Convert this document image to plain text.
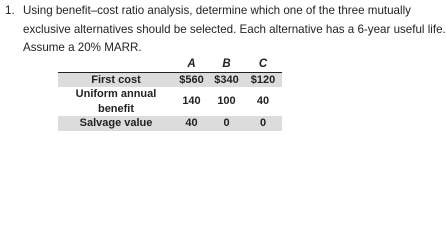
1. Using benefit–cost ratio analysis, determine which one of the three mutually
exclusive alternatives should be selected. Each alternative has a 6-year useful life.
Assume a 20% MARR.
	A	B	C
First cost	$560	$340	$120
Uniform annual benefit	140	100	40
Salvage value	40	0	0
